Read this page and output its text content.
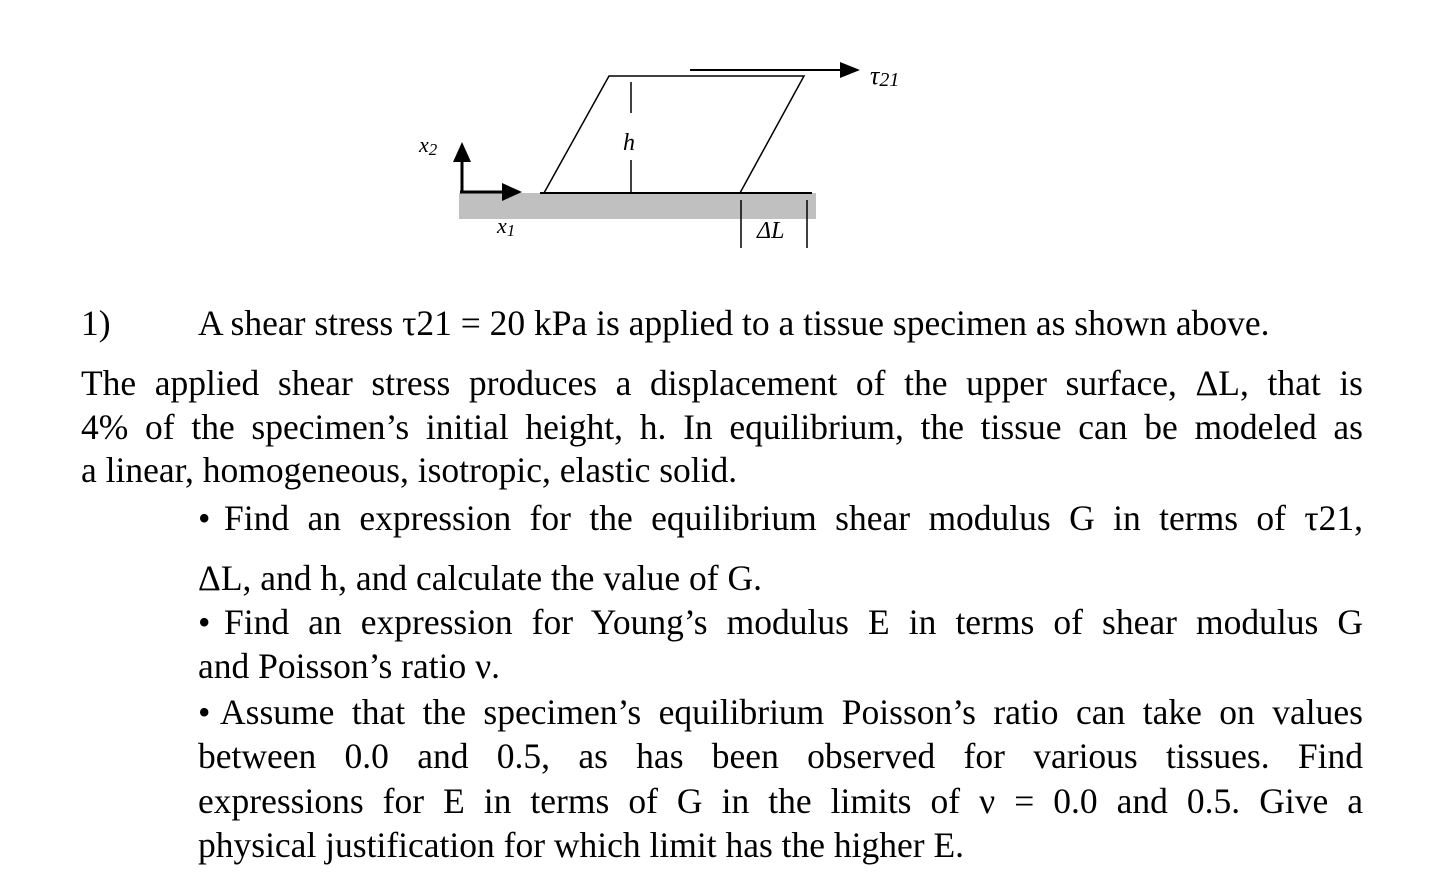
τ21
h
x2
x1	ΔL
1) A shear stress τ21 = 20 kPa is applied to a tissue specimen as shown above.
The applied shear stress produces a displacement of the upper surface, ΔL, that is
4% of the specimen’s initial height, h. In equilibrium, the tissue can be modeled as
a linear, homogeneous, isotropic, elastic solid.
• Find an expression for the equilibrium shear modulus G in terms of τ21,
ΔL, and h, and calculate the value of G.
• Find an expression for Young’s modulus E in terms of shear modulus G
and Poisson’s ratio ν.
• Assume that the specimen’s equilibrium Poisson’s ratio can take on values
between 0.0 and 0.5, as has been observed for various tissues. Find
expressions for E in terms of G in the limits of ν = 0.0 and 0.5. Give a
physical justification for which limit has the higher E.
